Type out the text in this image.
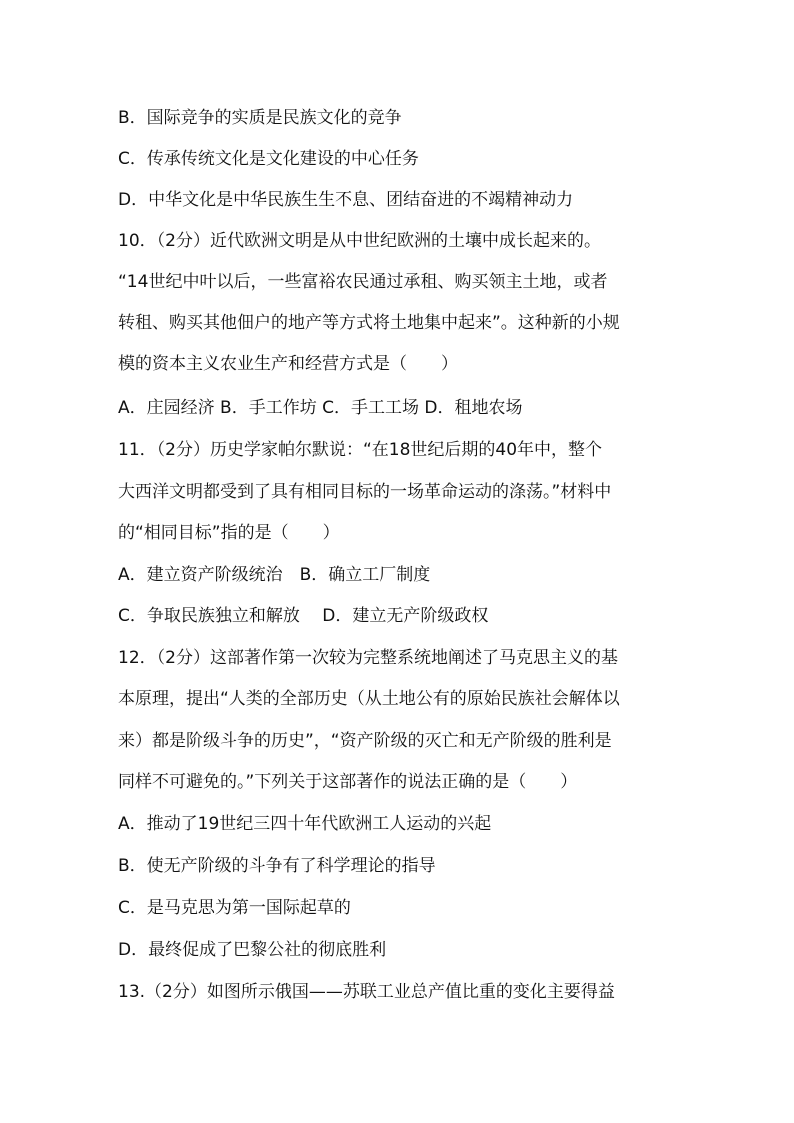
B．国际竞争的实质是民族文化的竞争
C．传承传统文化是文化建设的中心任务
D．中华文化是中华民族生生不息、团结奋进的不竭精神动力
10．（2分）近代欧洲文明是从中世纪欧洲的土壤中成长起来的。
“14世纪中叶以后，一些富裕农民通过承租、购买领主土地，或者
转租、购买其他佃户的地产等方式将土地集中起来”。这种新的小规
模的资本主义农业生产和经营方式是（　　）
A．庄园经济 B．手工作坊 C．手工工场 D．租地农场
11．（2分）历史学家帕尔默说：“在18世纪后期的40年中，整个
大西洋文明都受到了具有相同目标的一场革命运动的涤荡。”材料中
的“相同目标”指的是（　　）
A．建立资产阶级统治　B．确立工厂制度
C．争取民族独立和解放　 D．建立无产阶级政权
12．（2分）这部著作第一次较为完整系统地阐述了马克思主义的基
本原理，提出“人类的全部历史（从土地公有的原始民族社会解体以
来）都是阶级斗争的历史”，“资产阶级的灭亡和无产阶级的胜利是
同样不可避免的。”下列关于这部著作的说法正确的是（　　）
A．推动了19世纪三四十年代欧洲工人运动的兴起
B．使无产阶级的斗争有了科学理论的指导
C．是马克思为第一国际起草的
D．最终促成了巴黎公社的彻底胜利
13.（2分）如图所示俄国——苏联工业总产值比重的变化主要得益
